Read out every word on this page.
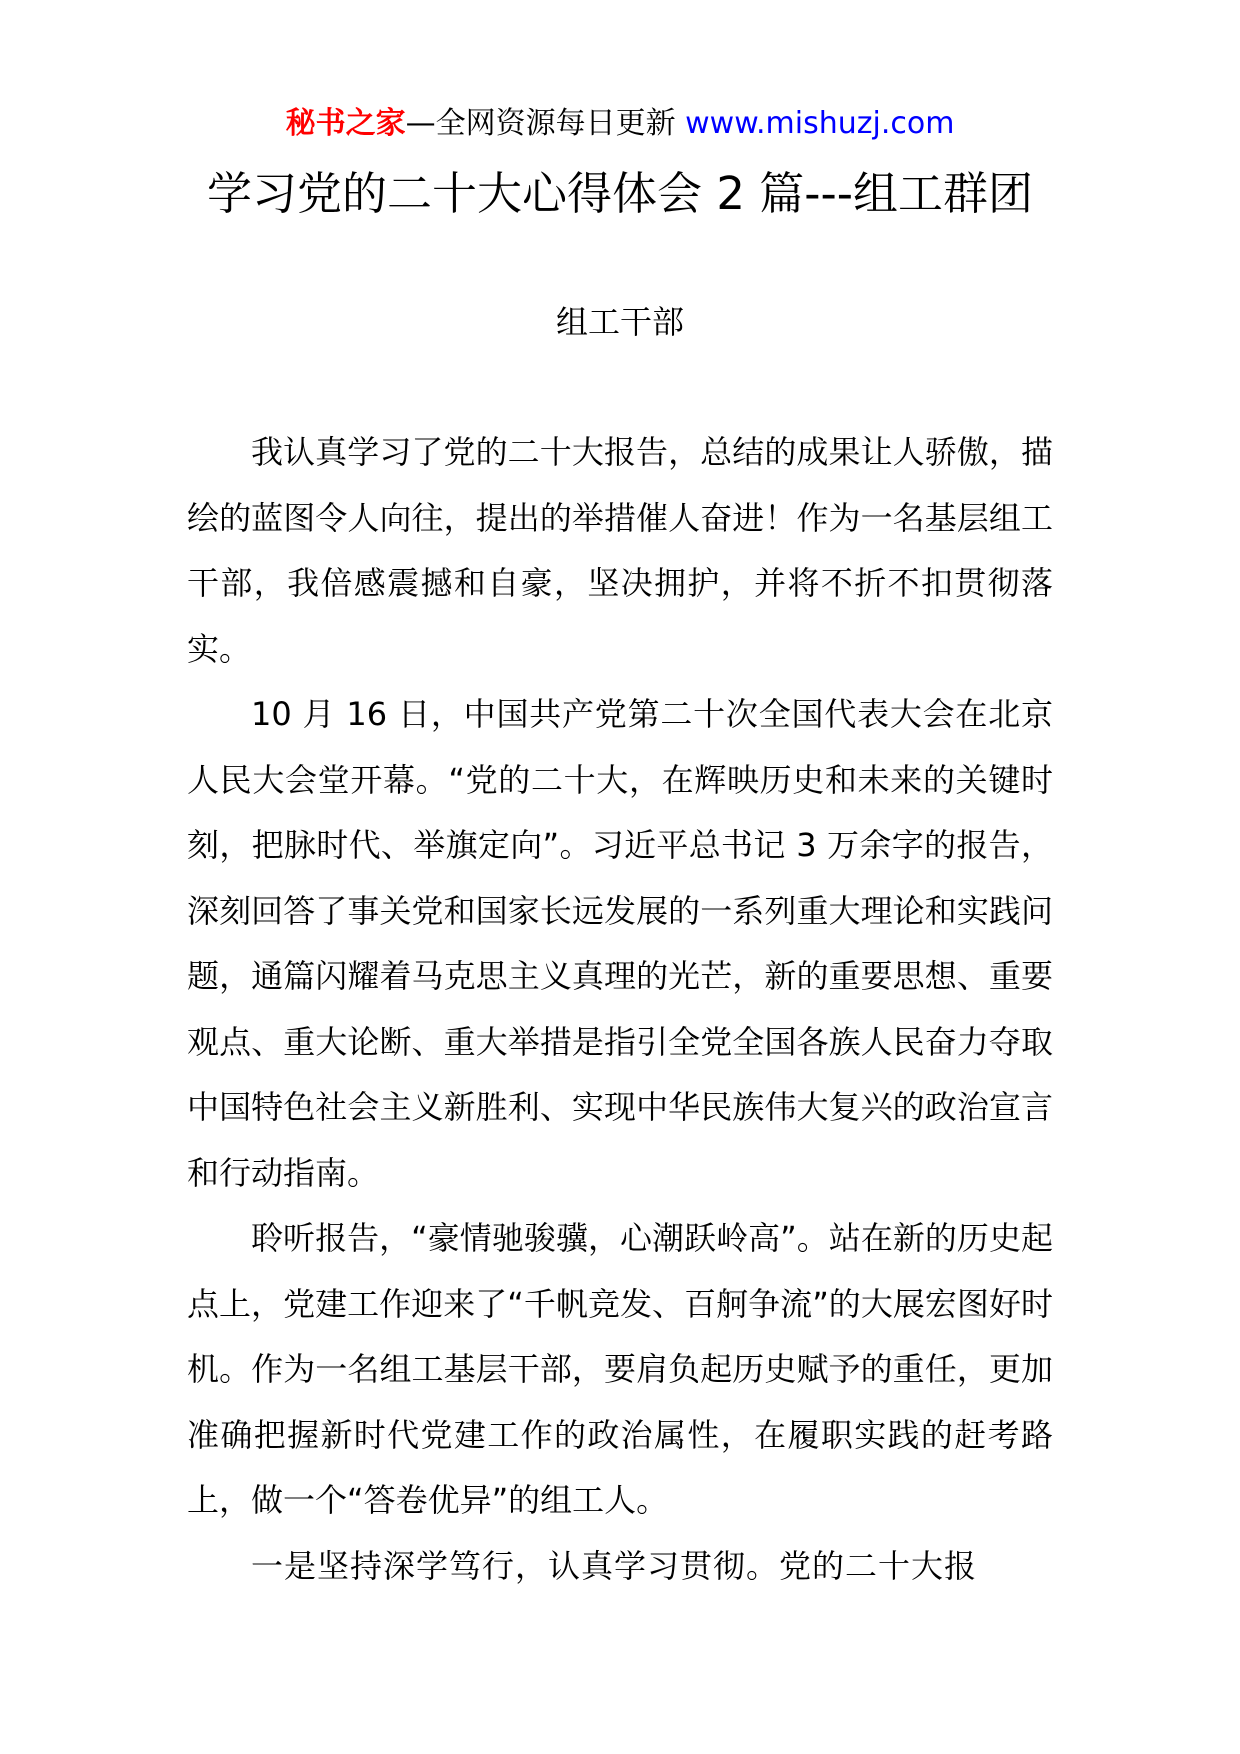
秘书之家—全网资源每日更新 www.mishuzj.com
学习党的二十大心得体会 2 篇---组工群团
组工干部

我认真学习了党的二十大报告，总结的成果让人骄傲，描绘的蓝图令人向往，提出的举措催人奋进！作为一名基层组工干部，我倍感震撼和自豪，坚决拥护，并将不折不扣贯彻落实。

10 月 16 日，中国共产党第二十次全国代表大会在北京人民大会堂开幕。“党的二十大，在辉映历史和未来的关键时刻，把脉时代、举旗定向”。习近平总书记 3 万余字的报告，深刻回答了事关党和国家长远发展的一系列重大理论和实践问题，通篇闪耀着马克思主义真理的光芒，新的重要思想、重要观点、重大论断、重大举措是指引全党全国各族人民奋力夺取中国特色社会主义新胜利、实现中华民族伟大复兴的政治宣言和行动指南。

聆听报告，“豪情驰骏骥，心潮跃岭高”。站在新的历史起点上，党建工作迎来了“千帆竞发、百舸争流”的大展宏图好时机。作为一名组工基层干部，要肩负起历史赋予的重任，更加准确把握新时代党建工作的政治属性，在履职实践的赶考路上，做一个“答卷优异”的组工人。

一是坚持深学笃行，认真学习贯彻。党的二十大报
